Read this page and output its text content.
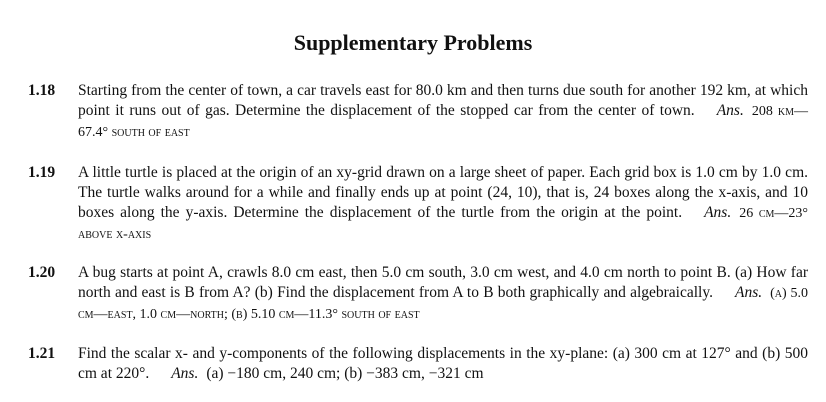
Supplementary Problems
1.18	Starting from the center of town, a car travels east for 80.0 km and then turns due south for another 192 km, at which point it runs out of gas. Determine the displacement of the stopped car from the center of town. Ans. 208 km—67.4° south of east
1.19	A little turtle is placed at the origin of an xy-grid drawn on a large sheet of paper. Each grid box is 1.0 cm by 1.0 cm. The turtle walks around for a while and finally ends up at point (24, 10), that is, 24 boxes along the x-axis, and 10 boxes along the y-axis. Determine the displacement of the turtle from the origin at the point. Ans. 26 cm—23° above x-axis
1.20	A bug starts at point A, crawls 8.0 cm east, then 5.0 cm south, 3.0 cm west, and 4.0 cm north to point B. (a) How far north and east is B from A? (b) Find the displacement from A to B both graphically and algebraically. Ans. (a) 5.0 cm—east, 1.0 cm—north; (b) 5.10 cm—11.3° south of east
1.21	Find the scalar x- and y-components of the following displacements in the xy-plane: (a) 300 cm at 127° and (b) 500 cm at 220°. Ans. (a) −180 cm, 240 cm; (b) −383 cm, −321 cm
